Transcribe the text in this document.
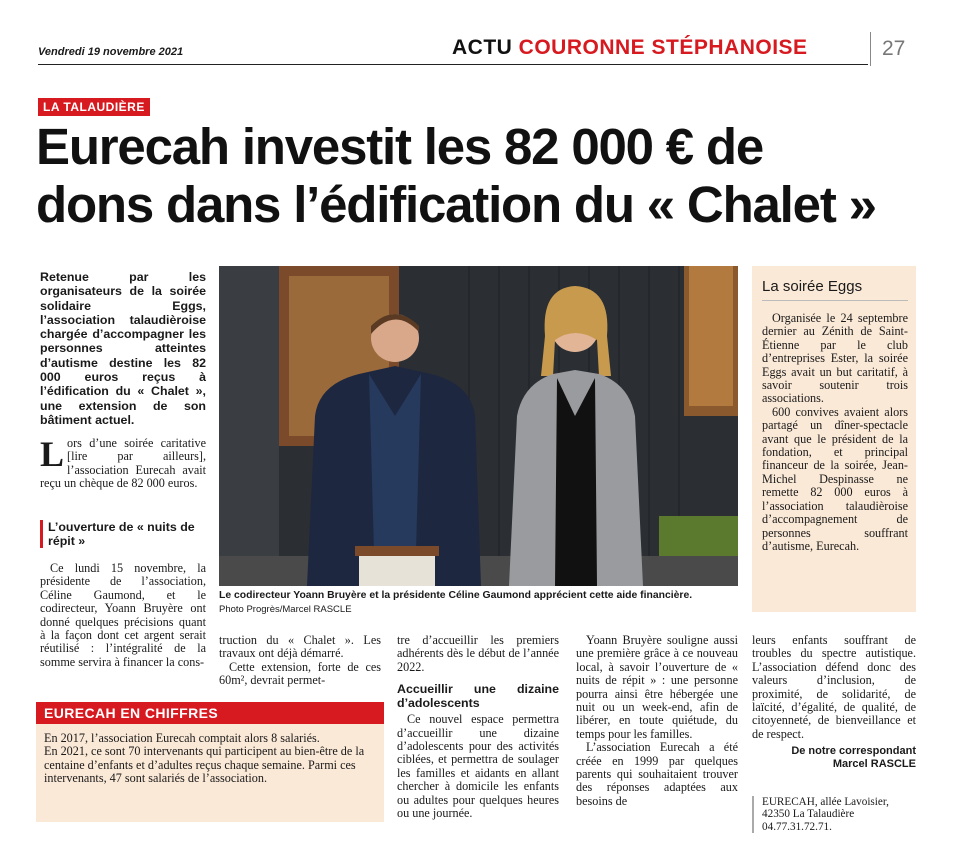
Vendredi 19 novembre 2021	ACTU COURONNE STÉPHANOISE	27
LA TALAUDIÈRE
Eurecah investit les 82 000 € de
dons dans l’édification du « Chalet »
Retenue par les organisateurs de la soirée solidaire Eggs, l’association talaudièroise chargée d’accompagner les personnes atteintes d’autisme destine les 82 000 euros reçus à l’édification du « Chalet », une extension de son bâtiment actuel.
L ors d’une soirée caritative [lire par ailleurs], l’association Eurecah avait reçu un chèque de 82 000 euros.

L’ouverture de « nuits de répit »

Ce lundi 15 novembre, la présidente de l’association, Céline Gaumond, et le codirecteur, Yoann Bruyère ont donné quelques précisions quant à la façon dont cet argent serait réutilisé : l’intégralité de la somme servira à financer la cons-

Le codirecteur Yoann Bruyère et la présidente Céline Gaumond apprécient cette aide financière.
Photo Progrès/Marcel RASCLE
La soirée Eggs

Organisée le 24 septembre dernier au Zénith de Saint-Étienne par le club d’entreprises Ester, la soirée Eggs avait un but caritatif, à savoir soutenir trois associations.

600 convives avaient alors partagé un dîner-spectacle avant que le président de la fondation, et principal financeur de la soirée, Jean-Michel Despinasse ne remette 82 000 euros à l’association talaudièroise d’accompagnement de personnes souffrant d’autisme, Eurecah.

truction du « Chalet ». Les travaux ont déjà démarré.

Cette extension, forte de ces 60m², devrait permet-

tre d’accueillir les premiers adhérents dès le début de l’année 2022.

Accueillir une dizaine d’adolescents

Ce nouvel espace permettra d’accueillir une dizaine d’adolescents pour des activités ciblées, et permettra de soulager les familles et aidants en allant chercher à domicile les enfants ou adultes pour quelques heures ou une journée.

Yoann Bruyère souligne aussi une première grâce à ce nouveau local, à savoir l’ouverture de « nuits de répit » : une personne pourra ainsi être hébergée une nuit ou un week-end, afin de libérer, en toute quiétude, du temps pour les familles.

L’association Eurecah a été créée en 1999 par quelques parents qui souhaitaient trouver des réponses adaptées aux besoins de

leurs enfants souffrant de troubles du spectre autistique. L’association défend donc des valeurs d’inclusion, de proximité, de solidarité, de laïcité, d’égalité, de qualité, de citoyenneté, de bienveillance et de respect.

De notre correspondant
Marcel RASCLE
EURECAH, allée Lavoisier, 42350 La Talaudière 04.77.31.72.71.
EURECAH EN CHIFFRES

En 2017, l’association Eurecah comptait alors 8 salariés.

En 2021, ce sont 70 intervenants qui participent au bien-être de la centaine d’enfants et d’adultes reçus chaque semaine. Parmi ces intervenants, 47 sont salariés de l’association.
